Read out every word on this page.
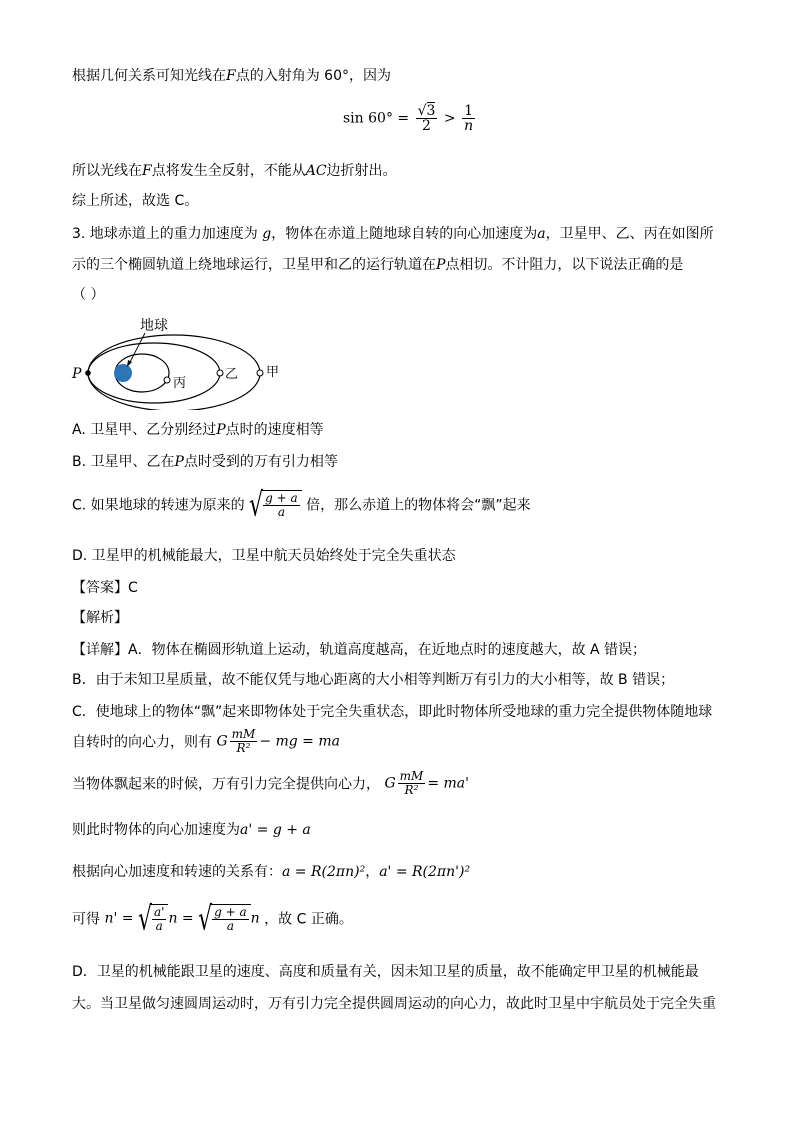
根据几何关系可知光线在F点的入射角为 60°，因为
$\sin 60^\circ = \frac{√3}{2} > \frac{1}{n}$
所以光线在F点将发生全反射，不能从AC边折射出。
综上所述，故选 C。
3. 地球赤道上的重力加速度为 g，物体在赤道上随地球自转的向心加速度为a，卫星甲、乙、丙在如图所
示的三个椭圆轨道上绕地球运行，卫星甲和乙的运行轨道在P点相切。不计阻力，以下说法正确的是
（ ）
地球
P
丙
乙 甲
A. 卫星甲、乙分别经过P点时的速度相等
B. 卫星甲、乙在P点时受到的万有引力相等
C. 如果地球的转速为原来的 √ $\frac{g + a}{a}$ 倍，那么赤道上的物体将会“飘”起来
D. 卫星甲的机械能最大，卫星中航天员始终处于完全失重状态
【答案】C
【解析】
【详解】A．物体在椭圆形轨道上运动，轨道高度越高，在近地点时的速度越大，故 A 错误；
B．由于未知卫星质量，故不能仅凭与地心距离的大小相等判断万有引力的大小相等，故 B 错误；
C．使地球上的物体“飘”起来即物体处于完全失重状态，即此时物体所受地球的重力完全提供物体随地球
自转时的向心力，则有 G $\frac{mM}{\text{R²}}$ − mg = ma
当物体飘起来的时候，万有引力完全提供向心力， G $\frac{mM}{\text{R²}} = ma'$
则此时物体的向心加速度为a' = g + a
根据向心加速度和转速的关系有：a = R(2πn)²，a' = R(2πn')²
可得 n' = √ $\frac{a'}{a}$ n = √ $\frac{g + a}{a}$ n ，故 C 正确。
D．卫星的机械能跟卫星的速度、高度和质量有关，因未知卫星的质量，故不能确定甲卫星的机械能最
大。当卫星做匀速圆周运动时，万有引力完全提供圆周运动的向心力，故此时卫星中宇航员处于完全失重
